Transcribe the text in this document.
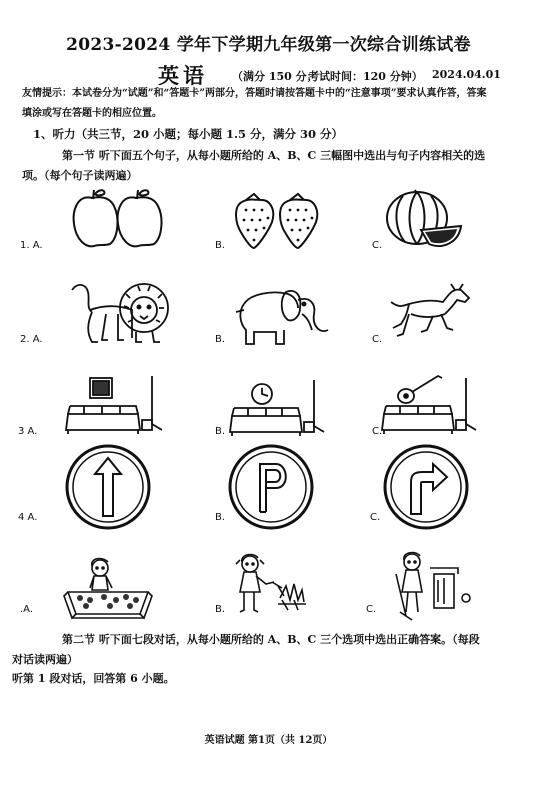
2023-2024 学年下学期九年级第一次综合训练试卷
英语 （满分 150 分；
考试时间：120 分钟） 2024.04.01
友情提示：本试卷分为“试题”和“答题卡”两部分，答题时请按答题卡中的“注意事项”要求认真作答，答案
填涂或写在答题卡的相应位置。
1、听力（共三节，20 小题；每小题 1.5 分，满分 30 分）
第一节 听下面五个句子，从每小题所给的 A、B、C 三幅图中选出与句子内容相关的选
项。（每个句子读两遍）
1. A.	B.	C.
2. A.	B.	C.
3 A.	B.	C.
4 A.	B.	C.
.A.	B.	C.
第二节 听下面七段对话，从每小题所给的 A、B、C 三个选项中选出正确答案。（每段
对话读两遍）
听第 1 段对话，回答第 6 小题。
英语试题 第1页（共 12页）
